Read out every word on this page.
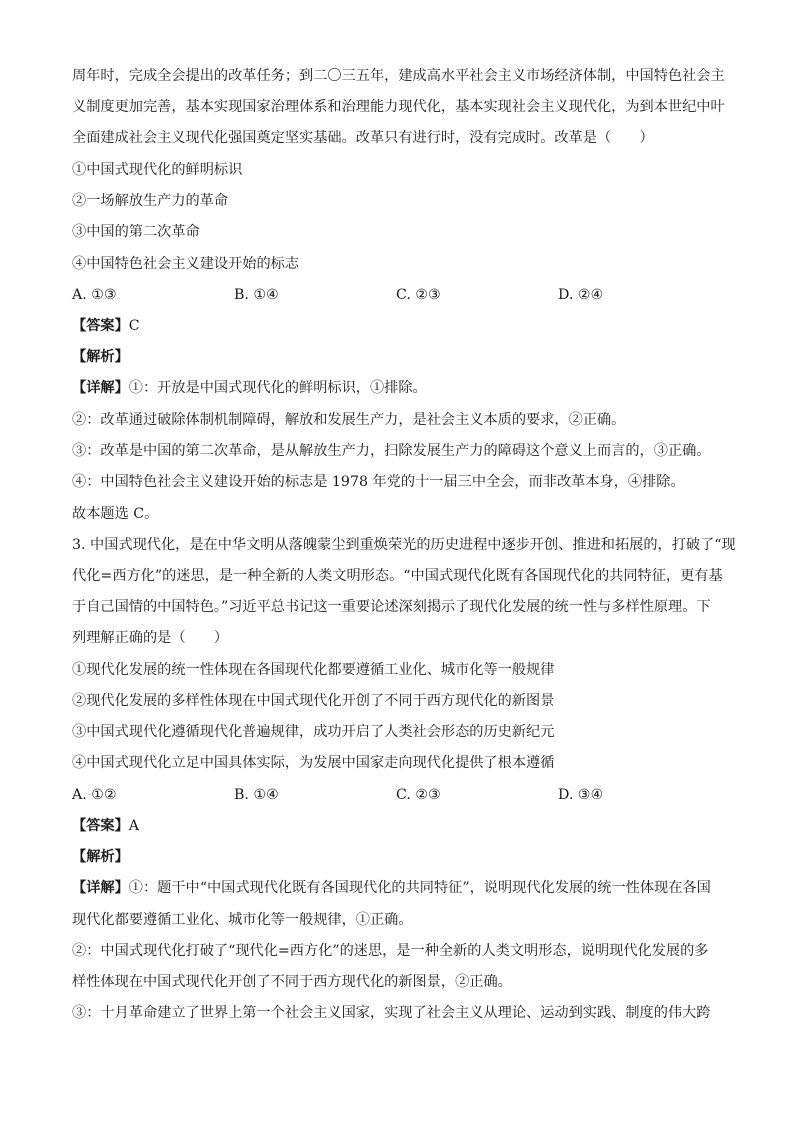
周年时，完成全会提出的改革任务；到二〇三五年，建成高水平社会主义市场经济体制，中国特色社会主
义制度更加完善，基本实现国家治理体系和治理能力现代化，基本实现社会主义现代化，为到本世纪中叶
全面建成社会主义现代化强国奠定坚实基础。改革只有进行时，没有完成时。改革是（　　）
①中国式现代化的鲜明标识
②一场解放生产力的革命
③中国的第二次革命
④中国特色社会主义建设开始的标志
A. ①③	B. ①④	C. ②③	D. ②④
【答案】C
【解析】
【详解】①：开放是中国式现代化的鲜明标识，①排除。
②：改革通过破除体制机制障碍，解放和发展生产力，是社会主义本质的要求，②正确。
③：改革是中国的第二次革命，是从解放生产力，扫除发展生产力的障碍这个意义上而言的，③正确。
④：中国特色社会主义建设开始的标志是 1978 年党的十一届三中全会，而非改革本身，④排除。
故本题选 C。
3. 中国式现代化，是在中华文明从落魄蒙尘到重焕荣光的历史进程中逐步开创、推进和拓展的，打破了“现
代化=西方化”的迷思，是一种全新的人类文明形态。“中国式现代化既有各国现代化的共同特征，更有基
于自己国情的中国特色。”习近平总书记这一重要论述深刻揭示了现代化发展的统一性与多样性原理。下
列理解正确的是（　　）
①现代化发展的统一性体现在各国现代化都要遵循工业化、城市化等一般规律
②现代化发展的多样性体现在中国式现代化开创了不同于西方现代化的新图景
③中国式现代化遵循现代化普遍规律，成功开启了人类社会形态的历史新纪元
④中国式现代化立足中国具体实际，为发展中国家走向现代化提供了根本遵循
A. ①②	B. ①④	C. ②③	D. ③④
【答案】A
【解析】
【详解】①：题干中“中国式现代化既有各国现代化的共同特征”，说明现代化发展的统一性体现在各国
现代化都要遵循工业化、城市化等一般规律，①正确。
②：中国式现代化打破了“现代化=西方化”的迷思，是一种全新的人类文明形态，说明现代化发展的多
样性体现在中国式现代化开创了不同于西方现代化的新图景，②正确。
③：十月革命建立了世界上第一个社会主义国家，实现了社会主义从理论、运动到实践、制度的伟大跨
